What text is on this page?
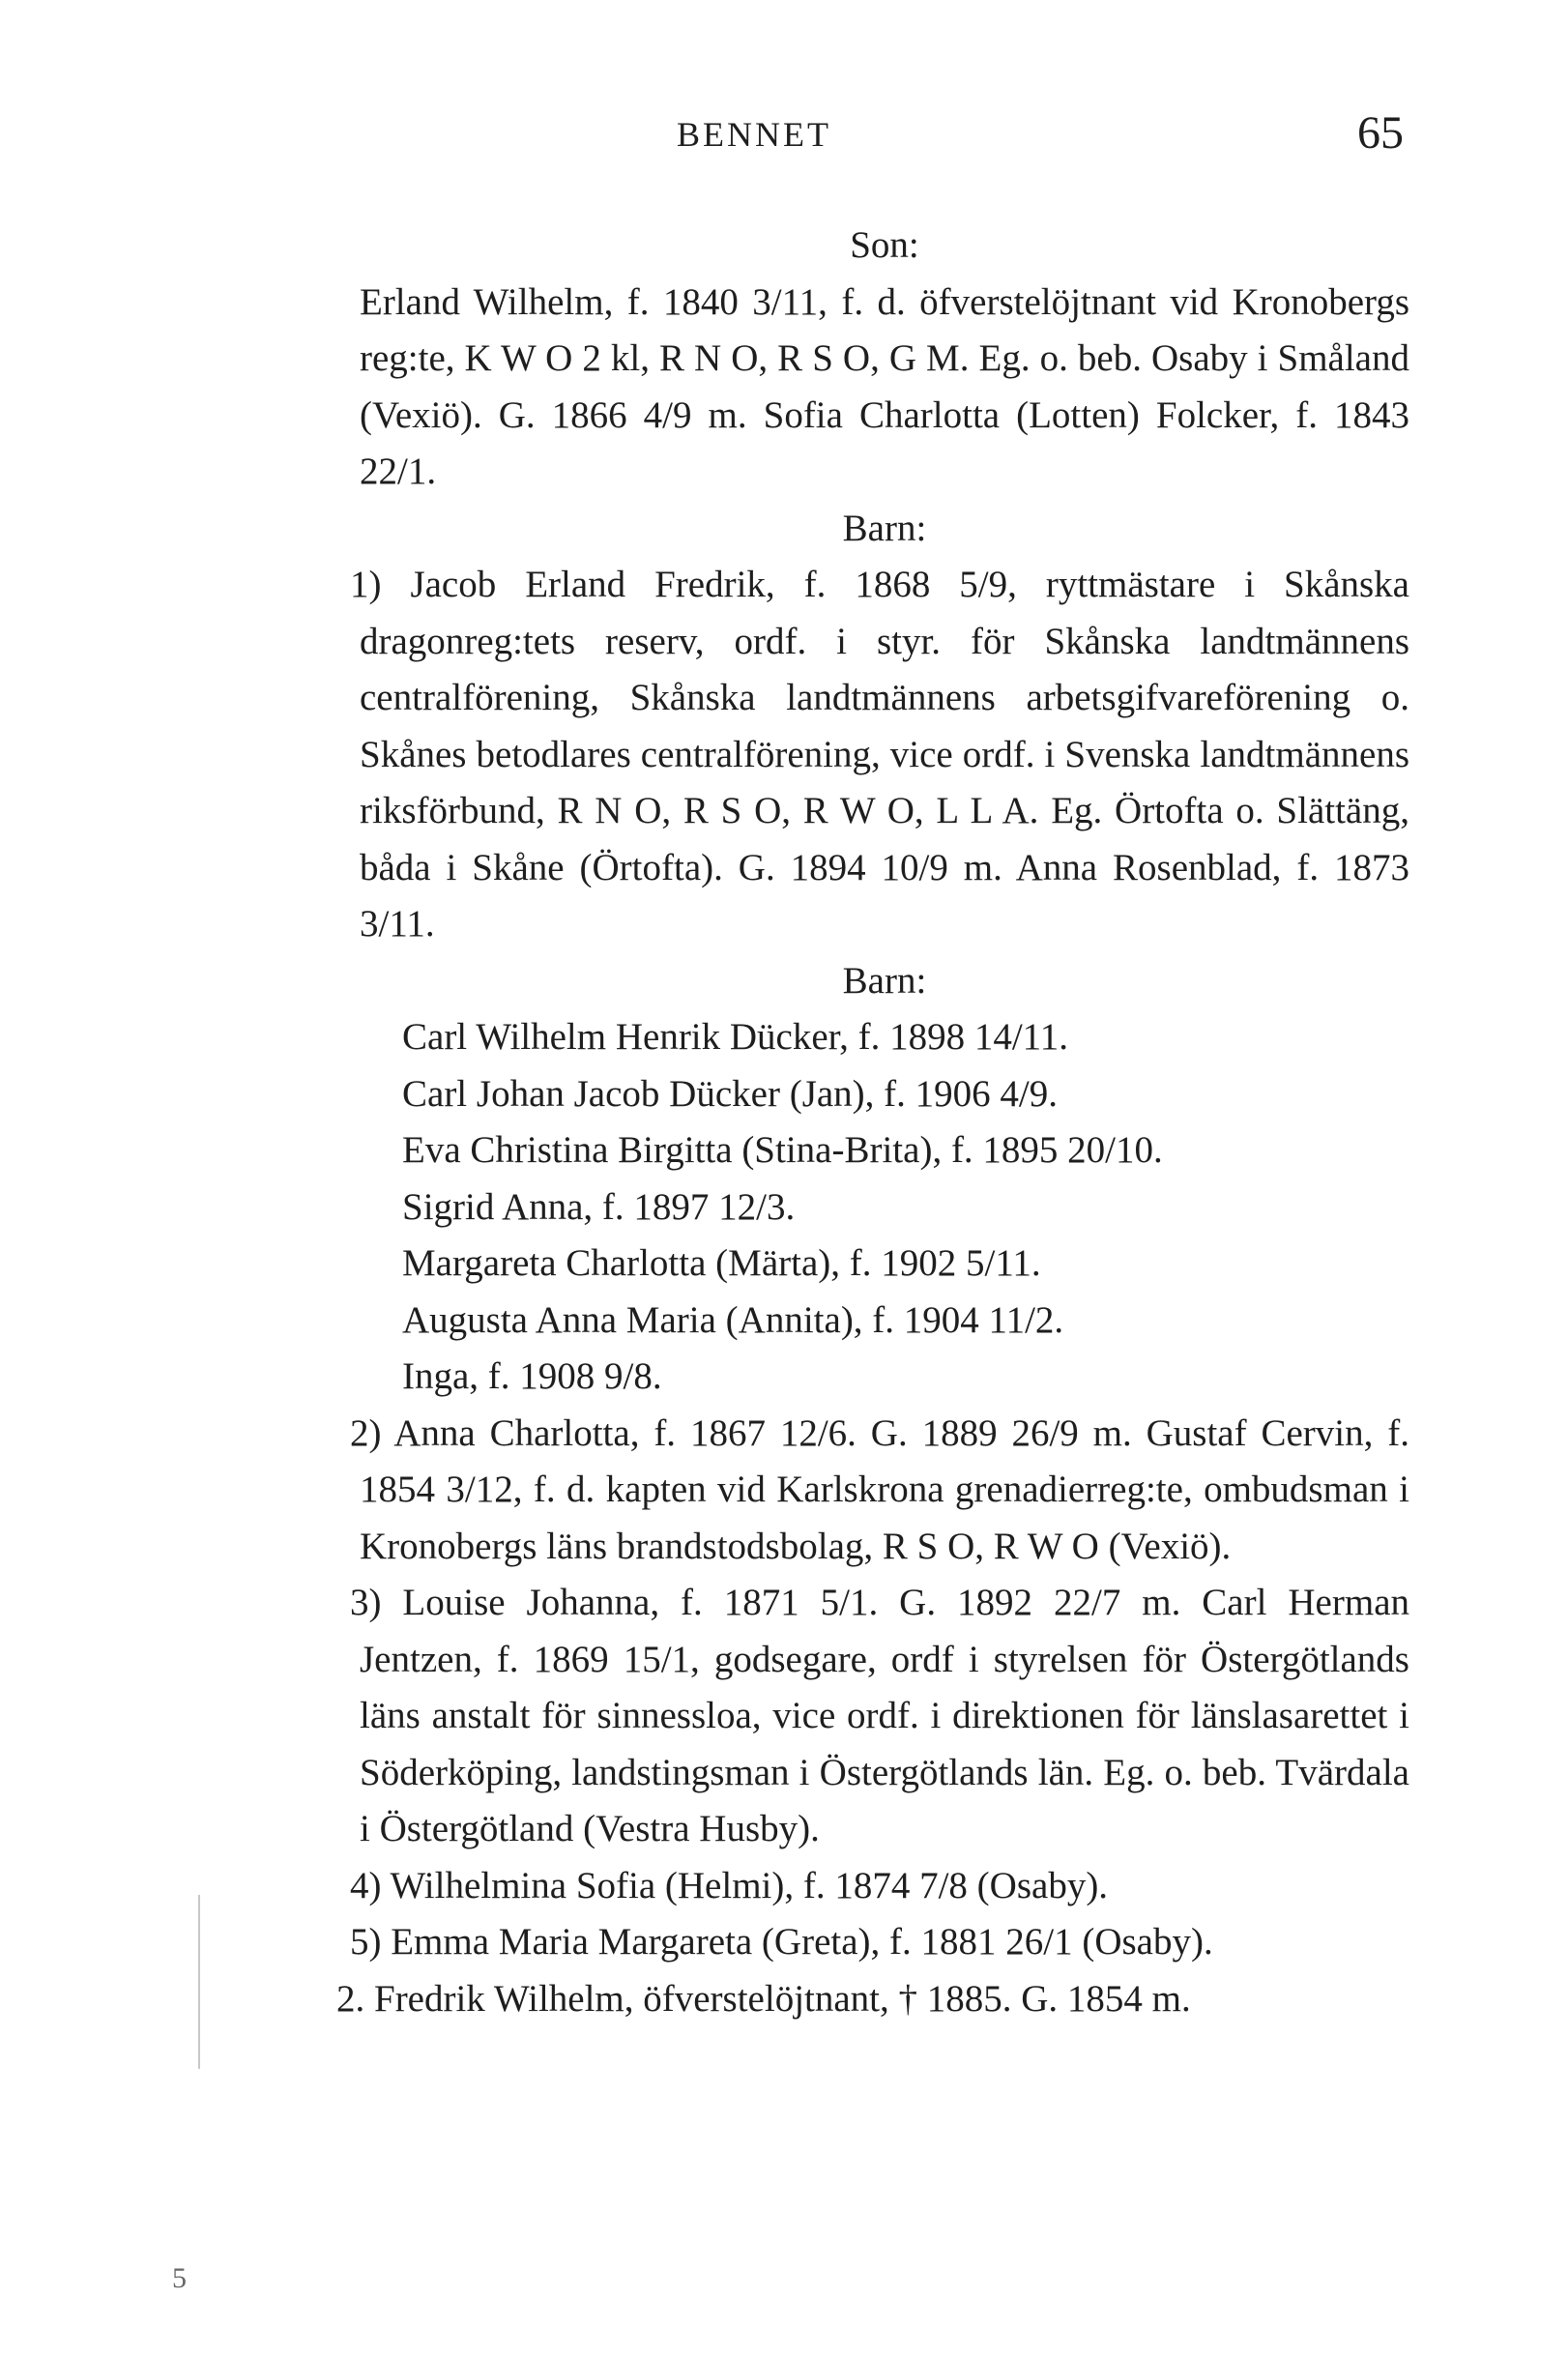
BENNET	65

Son:

Erland Wilhelm, f. 1840 3/11, f. d. öfverstelöjtnant vid Kronobergs reg:te, K W O 2 kl, R N O, R S O, G M. Eg. o. beb. Osaby i Småland (Vexiö). G. 1866 4/9 m. Sofia Charlotta (Lotten) Folcker, f. 1843 22/1.

Barn:

1) Jacob Erland Fredrik, f. 1868 5/9, ryttmästare i Skånska dragonreg:tets reserv, ordf. i styr. för Skånska landtmännens centralförening, Skånska landtmännens arbetsgifvareförening o. Skånes betodlares centralförening, vice ordf. i Svenska landtmännens riksförbund, R N O, R S O, R W O, L L A. Eg. Örtofta o. Slättäng, båda i Skåne (Örtofta). G. 1894 10/9 m. Anna Rosenblad, f. 1873 3/11.

Barn:

Carl Wilhelm Henrik Dücker, f. 1898 14/11.

Carl Johan Jacob Dücker (Jan), f. 1906 4/9.

Eva Christina Birgitta (Stina-Brita), f. 1895 20/10.

Sigrid Anna, f. 1897 12/3.

Margareta Charlotta (Märta), f. 1902 5/11.

Augusta Anna Maria (Annita), f. 1904 11/2.

Inga, f. 1908 9/8.

2) Anna Charlotta, f. 1867 12/6. G. 1889 26/9 m. Gustaf Cervin, f. 1854 3/12, f. d. kapten vid Karlskrona grenadierreg:te, ombudsman i Kronobergs läns brandstodsbolag, R S O, R W O (Vexiö).

3) Louise Johanna, f. 1871 5/1. G. 1892 22/7 m. Carl Herman Jentzen, f. 1869 15/1, godsegare, ordf i styrelsen för Östergötlands läns anstalt för sinnessloa, vice ordf. i direktionen för länslasarettet i Söderköping, landstingsman i Östergötlands län. Eg. o. beb. Tvärdala i Östergötland (Vestra Husby).

4) Wilhelmina Sofia (Helmi), f. 1874 7/8 (Osaby).

5) Emma Maria Margareta (Greta), f. 1881 26/1 (Osaby).

2. Fredrik Wilhelm, öfverstelöjtnant, † 1885. G. 1854 m.

5
